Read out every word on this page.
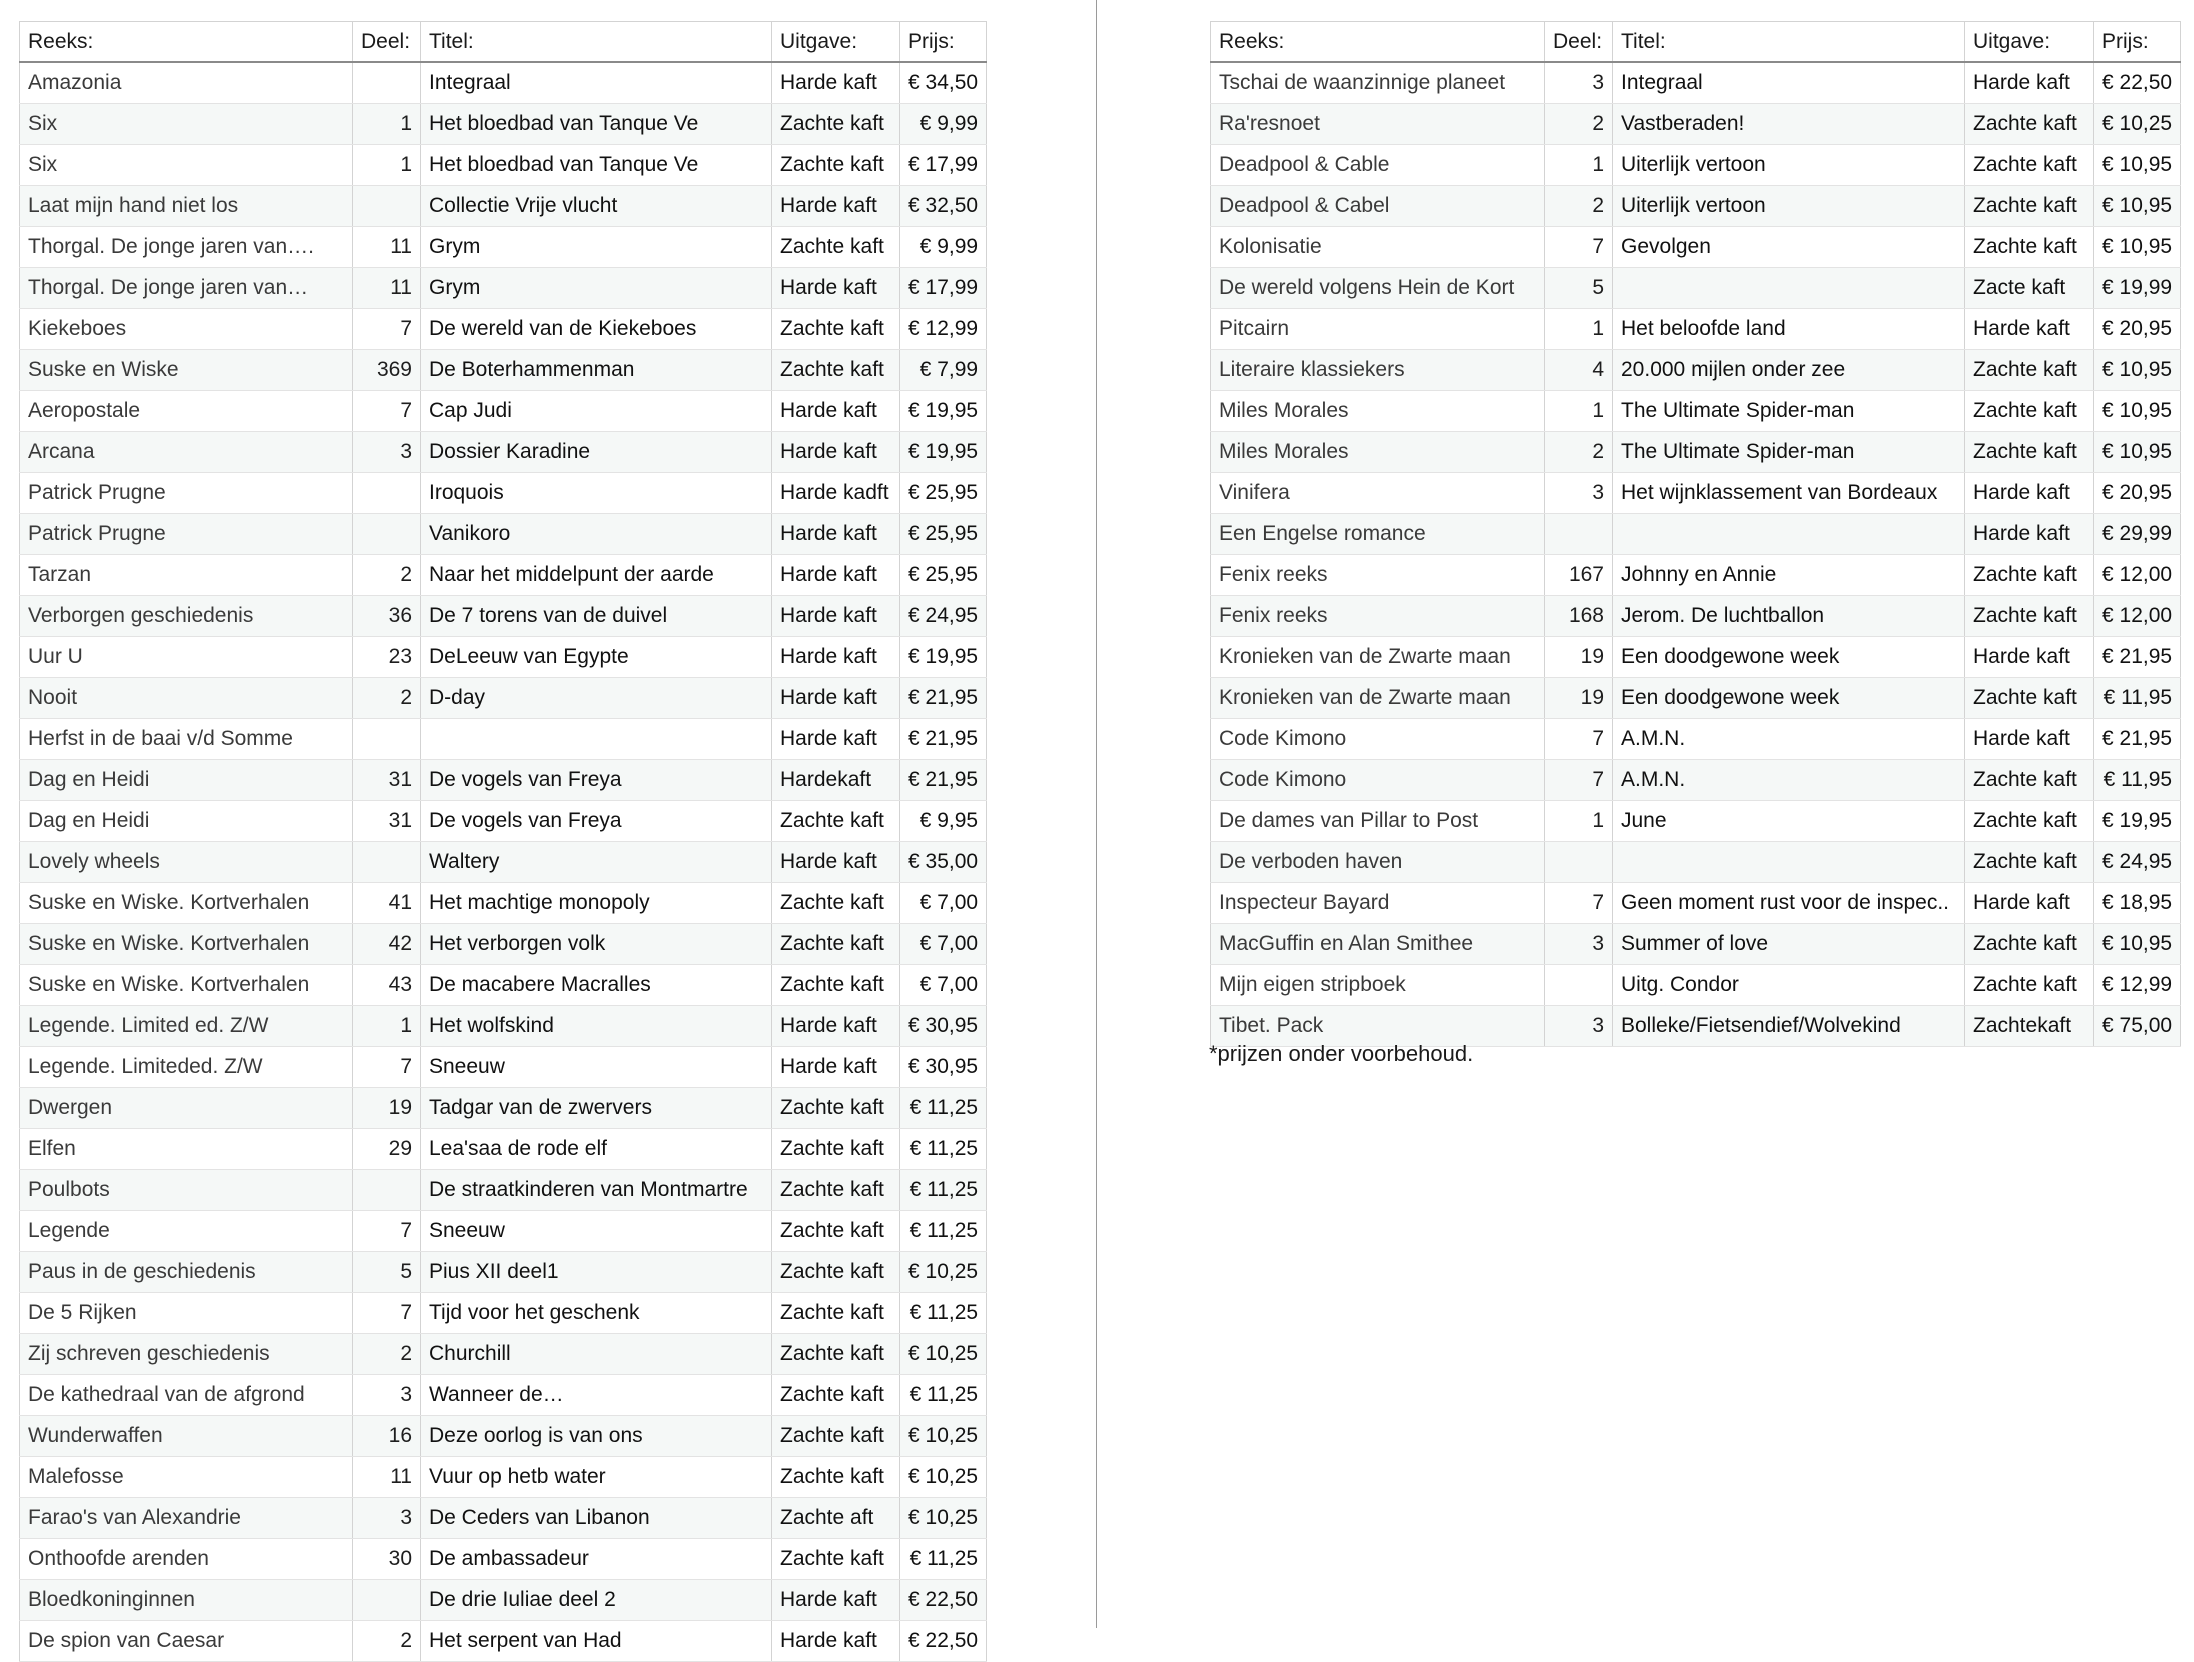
Reeks:	Deel:	Titel:	Uitgave:	Prijs:
Amazonia		Integraal	Harde kaft	€ 34,50
Six	1	Het bloedbad van Tanque Ve	Zachte kaft	€ 9,99
Six	1	Het bloedbad van Tanque Ve	Zachte kaft	€ 17,99
Laat mijn hand niet los		Collectie Vrije vlucht	Harde kaft	€ 32,50
Thorgal. De jonge jaren van….	11	Grym	Zachte kaft	€ 9,99
Thorgal. De jonge jaren van…	11	Grym	Harde kaft	€ 17,99
Kiekeboes	7	De wereld van de Kiekeboes	Zachte kaft	€ 12,99
Suske en Wiske	369	De Boterhammenman	Zachte kaft	€ 7,99
Aeropostale	7	Cap Judi	Harde kaft	€ 19,95
Arcana	3	Dossier Karadine	Harde kaft	€ 19,95
Patrick Prugne		Iroquois	Harde kadft	€ 25,95
Patrick Prugne		Vanikoro	Harde kaft	€ 25,95
Tarzan	2	Naar het middelpunt der aarde	Harde kaft	€ 25,95
Verborgen geschiedenis	36	De 7 torens van de duivel	Harde kaft	€ 24,95
Uur U	23	DeLeeuw van Egypte	Harde kaft	€ 19,95
Nooit	2	D-day	Harde kaft	€ 21,95
Herfst in de baai v/d Somme			Harde kaft	€ 21,95
Dag en Heidi	31	De vogels van Freya	Hardekaft	€ 21,95
Dag en Heidi	31	De vogels van Freya	Zachte kaft	€ 9,95
Lovely wheels		Waltery	Harde kaft	€ 35,00
Suske en Wiske. Kortverhalen	41	Het machtige monopoly	Zachte kaft	€ 7,00
Suske en Wiske. Kortverhalen	42	Het verborgen volk	Zachte kaft	€ 7,00
Suske en Wiske. Kortverhalen	43	De macabere Macralles	Zachte kaft	€ 7,00
Legende. Limited ed. Z/W	1	Het wolfskind	Harde kaft	€ 30,95
Legende. Limiteded. Z/W	7	Sneeuw	Harde kaft	€ 30,95
Dwergen	19	Tadgar van de zwervers	Zachte kaft	€ 11,25
Elfen	29	Lea'saa de rode elf	Zachte kaft	€ 11,25
Poulbots		De straatkinderen van Montmartre	Zachte kaft	€ 11,25
Legende	7	Sneeuw	Zachte kaft	€ 11,25
Paus in de geschiedenis	5	Pius XII deel1	Zachte kaft	€ 10,25
De 5 Rijken	7	Tijd voor het geschenk	Zachte kaft	€ 11,25
Zij schreven geschiedenis	2	Churchill	Zachte kaft	€ 10,25
De kathedraal van de afgrond	3	Wanneer de…	Zachte kaft	€ 11,25
Wunderwaffen	16	Deze oorlog is van ons	Zachte kaft	€ 10,25
Malefosse	11	Vuur op hetb water	Zachte kaft	€ 10,25
Farao's van Alexandrie	3	De Ceders van Libanon	Zachte aft	€ 10,25
Onthoofde arenden	30	De ambassadeur	Zachte kaft	€ 11,25
Bloedkoninginnen		De drie Iuliae deel 2	Harde kaft	€ 22,50
De spion van Caesar	2	Het serpent van Had	Harde kaft	€ 22,50
Reeks:	Deel:	Titel:	Uitgave:	Prijs:
Tschai de waanzinnige planeet	3	Integraal	Harde kaft	€ 22,50
Ra'resnoet	2	Vastberaden!	Zachte kaft	€ 10,25
Deadpool & Cable	1	Uiterlijk vertoon	Zachte kaft	€ 10,95
Deadpool & Cabel	2	Uiterlijk vertoon	Zachte kaft	€ 10,95
Kolonisatie	7	Gevolgen	Zachte kaft	€ 10,95
De wereld volgens Hein de Kort	5		Zacte kaft	€ 19,99
Pitcairn	1	Het beloofde land	Harde kaft	€ 20,95
Literaire klassiekers	4	20.000 mijlen onder zee	Zachte kaft	€ 10,95
Miles Morales	1	The Ultimate Spider-man	Zachte kaft	€ 10,95
Miles Morales	2	The Ultimate Spider-man	Zachte kaft	€ 10,95
Vinifera	3	Het wijnklassement van Bordeaux	Harde kaft	€ 20,95
Een Engelse romance			Harde kaft	€ 29,99
Fenix reeks	167	Johnny en Annie	Zachte kaft	€ 12,00
Fenix reeks	168	Jerom. De luchtballon	Zachte kaft	€ 12,00
Kronieken van de Zwarte maan	19	Een doodgewone week	Harde kaft	€ 21,95
Kronieken van de Zwarte maan	19	Een doodgewone week	Zachte kaft	€ 11,95
Code Kimono	7	A.M.N.	Harde kaft	€ 21,95
Code Kimono	7	A.M.N.	Zachte kaft	€ 11,95
De dames van Pillar to Post	1	June	Zachte kaft	€ 19,95
De verboden haven			Zachte kaft	€ 24,95
Inspecteur Bayard	7	Geen moment rust voor de inspec..	Harde kaft	€ 18,95
MacGuffin en Alan Smithee	3	Summer of love	Zachte kaft	€ 10,95
Mijn eigen stripboek		Uitg. Condor	Zachte kaft	€ 12,99
Tibet. Pack	3	Bolleke/Fietsendief/Wolvekind	Zachtekaft	€ 75,00
*prijzen onder voorbehoud.
